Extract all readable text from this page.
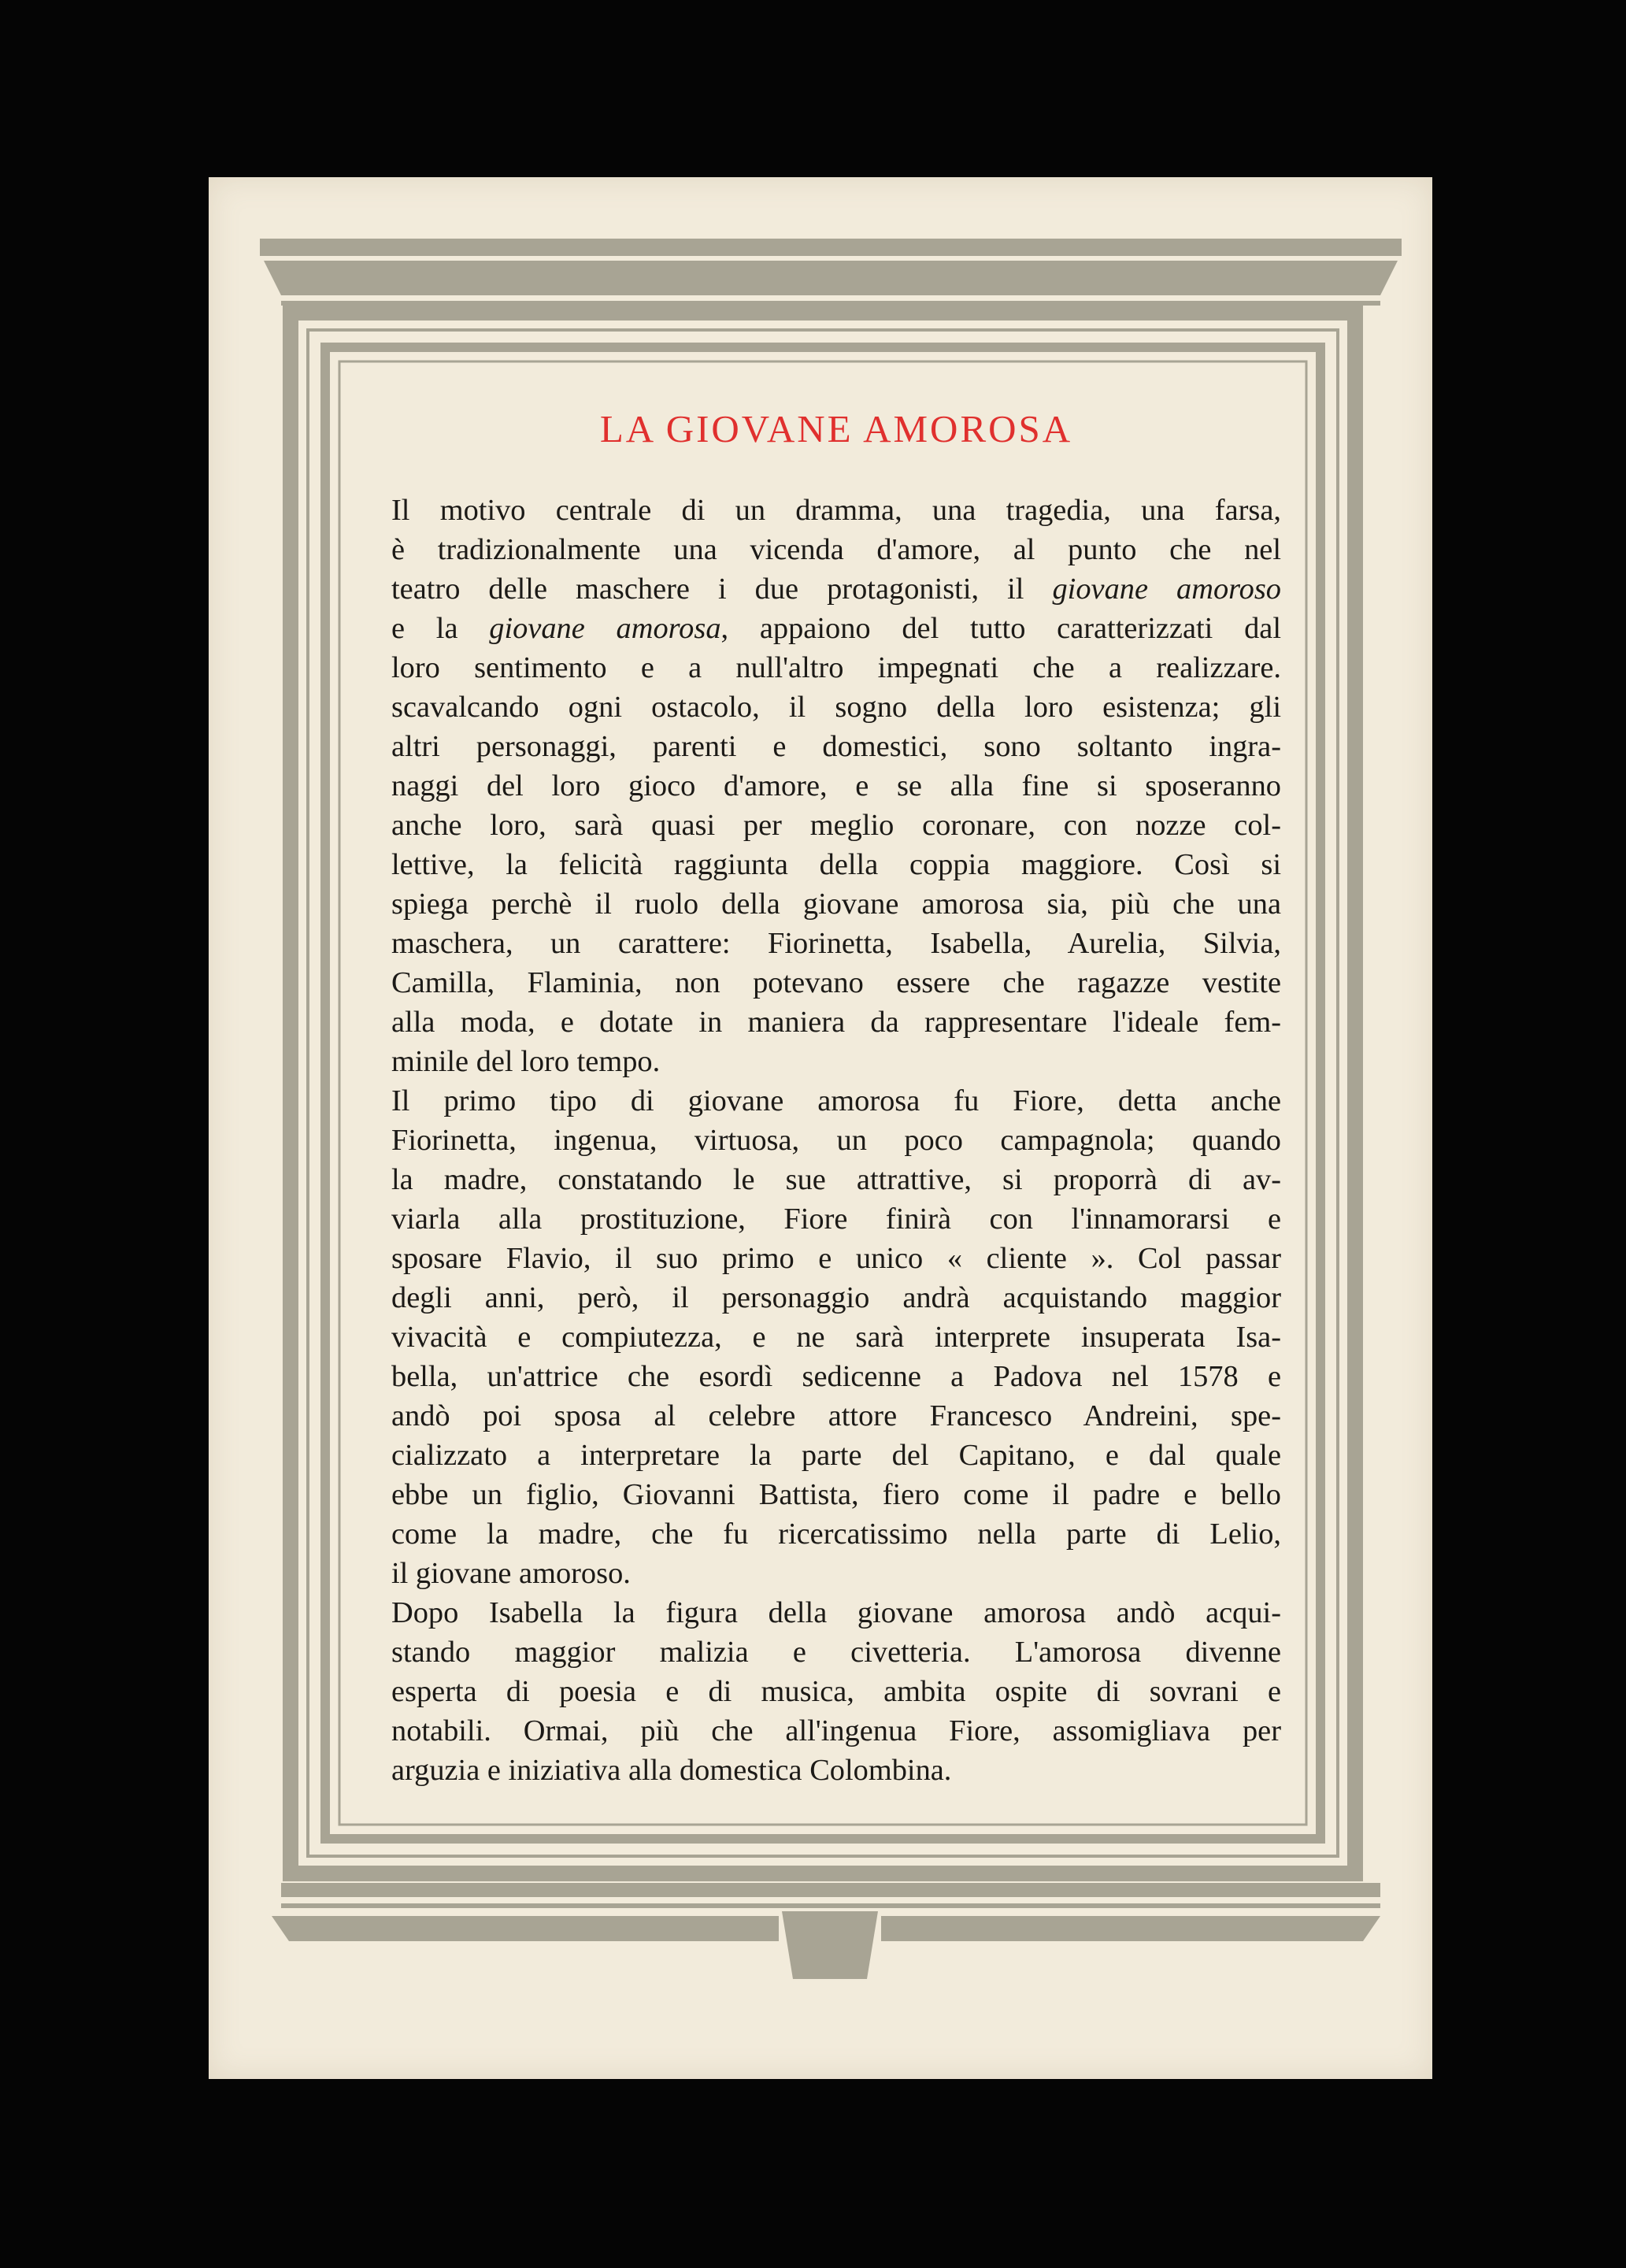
LA GIOVANE AMOROSA
Il motivo centrale di un dramma, una tragedia, una farsa,
è tradizionalmente una vicenda d'amore, al punto che nel
teatro delle maschere i due protagonisti, il giovane amoroso
e la giovane amorosa, appaiono del tutto caratterizzati dal
loro sentimento e a null'altro impegnati che a realizzare.
scavalcando ogni ostacolo, il sogno della loro esistenza; gli
altri personaggi, parenti e domestici, sono soltanto ingra-
naggi del loro gioco d'amore, e se alla fine si sposeranno
anche loro, sarà quasi per meglio coronare, con nozze col-
lettive, la felicità raggiunta della coppia maggiore. Così si
spiega perchè il ruolo della giovane amorosa sia, più che una
maschera, un carattere: Fiorinetta, Isabella, Aurelia, Silvia,
Camilla, Flaminia, non potevano essere che ragazze vestite
alla moda, e dotate in maniera da rappresentare l'ideale fem-
minile del loro tempo.
Il primo tipo di giovane amorosa fu Fiore, detta anche
Fiorinetta, ingenua, virtuosa, un poco campagnola; quando
la madre, constatando le sue attrattive, si proporrà di av-
viarla alla prostituzione, Fiore finirà con l'innamorarsi e
sposare Flavio, il suo primo e unico « cliente ». Col passar
degli anni, però, il personaggio andrà acquistando maggior
vivacità e compiutezza, e ne sarà interprete insuperata Isa-
bella, un'attrice che esordì sedicenne a Padova nel 1578 e
andò poi sposa al celebre attore Francesco Andreini, spe-
cializzato a interpretare la parte del Capitano, e dal quale
ebbe un figlio, Giovanni Battista, fiero come il padre e bello
come la madre, che fu ricercatissimo nella parte di Lelio,
il giovane amoroso.
Dopo Isabella la figura della giovane amorosa andò acqui-
stando maggior malizia e civetteria. L'amorosa divenne
esperta di poesia e di musica, ambita ospite di sovrani e
notabili. Ormai, più che all'ingenua Fiore, assomigliava per
arguzia e iniziativa alla domestica Colombina.
